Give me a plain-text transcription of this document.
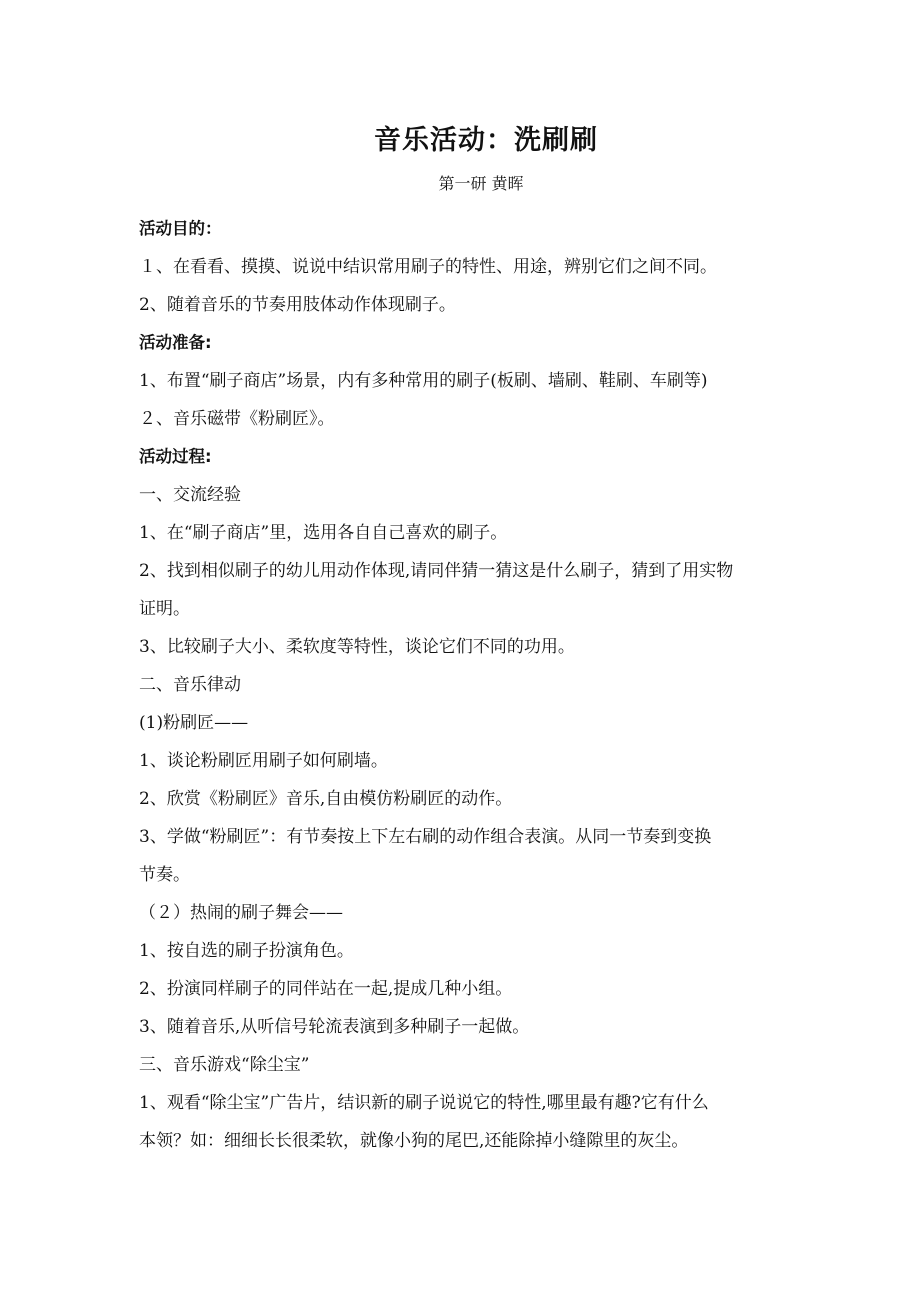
音乐活动：洗刷刷
第一研 黄晖
活动目的：
１、在看看、摸摸、说说中结识常用刷子的特性、用途，辨别它们之间不同。
2、随着音乐的节奏用肢体动作体现刷子。
活动准备:
1、布置“刷子商店”场景，内有多种常用的刷子(板刷、墙刷、鞋刷、车刷等)
２、音乐磁带《粉刷匠》。
活动过程:
一、交流经验
1、在“刷子商店”里，选用各自自己喜欢的刷子。
2、找到相似刷子的幼儿用动作体现,请同伴猜一猜这是什么刷子，猜到了用实物
证明。
3、比较刷子大小、柔软度等特性，谈论它们不同的功用。
二、音乐律动
(1)粉刷匠——
1、谈论粉刷匠用刷子如何刷墙。
2、欣赏《粉刷匠》音乐,自由模仿粉刷匠的动作。
3、学做“粉刷匠”：有节奏按上下左右刷的动作组合表演。从同一节奏到变换
节奏。
（２）热闹的刷子舞会——
1、按自选的刷子扮演角色。
2、扮演同样刷子的同伴站在一起,提成几种小组。
3、随着音乐,从听信号轮流表演到多种刷子一起做。
三、音乐游戏“除尘宝”
1、观看“除尘宝”广告片，结识新的刷子说说它的特性,哪里最有趣?它有什么
本领？如：细细长长很柔软，就像小狗的尾巴,还能除掉小缝隙里的灰尘。
